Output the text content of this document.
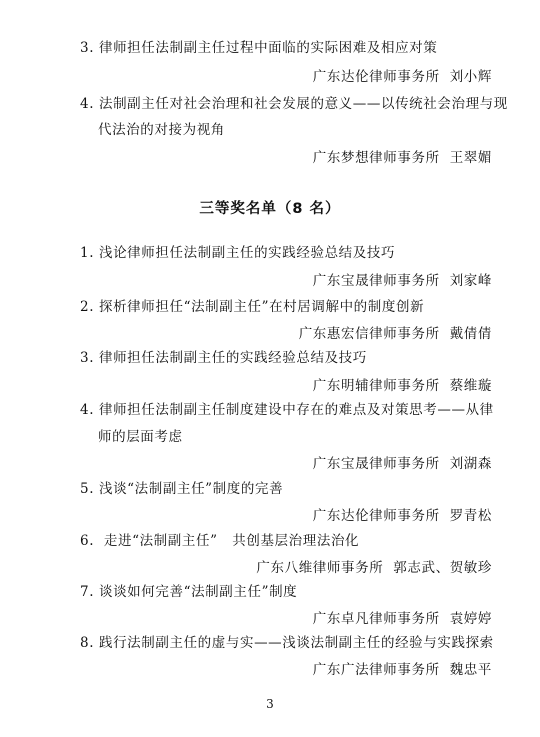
3. 律师担任法制副主任过程中面临的实际困难及相应对策
广东达伦律师事务所 刘小辉
4. 法制副主任对社会治理和社会发展的意义——以传统社会治理与现
代法治的对接为视角
广东梦想律师事务所 王翠媚
三等奖名单（8 名）
1. 浅论律师担任法制副主任的实践经验总结及技巧
广东宝晟律师事务所 刘家峰
2. 探析律师担任“法制副主任”在村居调解中的制度创新
广东惠宏信律师事务所 戴倩倩
3. 律师担任法制副主任的实践经验总结及技巧
广东明辅律师事务所 蔡维璇
4. 律师担任法制副主任制度建设中存在的难点及对策思考——从律
师的层面考虑
广东宝晟律师事务所 刘湖森
5. 浅谈“法制副主任”制度的完善
广东达伦律师事务所 罗青松
6.  走进“法制副主任”   共创基层治理法治化
广东八维律师事务所 郭志武、贺敏珍
7. 谈谈如何完善“法制副主任”制度
广东卓凡律师事务所 袁婷婷
8. 践行法制副主任的虚与实——浅谈法制副主任的经验与实践探索
广东广法律师事务所 魏忠平
3
